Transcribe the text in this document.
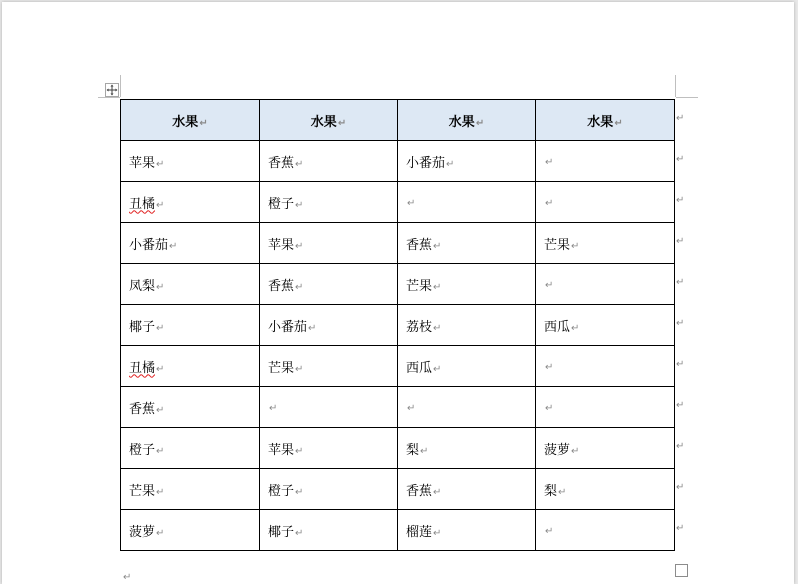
水果↵	水果↵	水果↵	水果↵
苹果↵	香蕉↵	小番茄↵	↵
丑橘↵	橙子↵	↵	↵
小番茄↵	苹果↵	香蕉↵	芒果↵
凤梨↵	香蕉↵	芒果↵	↵
椰子↵	小番茄↵	荔枝↵	西瓜↵
丑橘↵	芒果↵	西瓜↵	↵
香蕉↵	↵	↵	↵
橙子↵	苹果↵	梨↵	菠萝↵
芒果↵	橙子↵	香蕉↵	梨↵
菠萝↵	椰子↵	榴莲↵	↵
↵
↵
↵
↵
↵
↵
↵
↵
↵
↵
↵
↵
